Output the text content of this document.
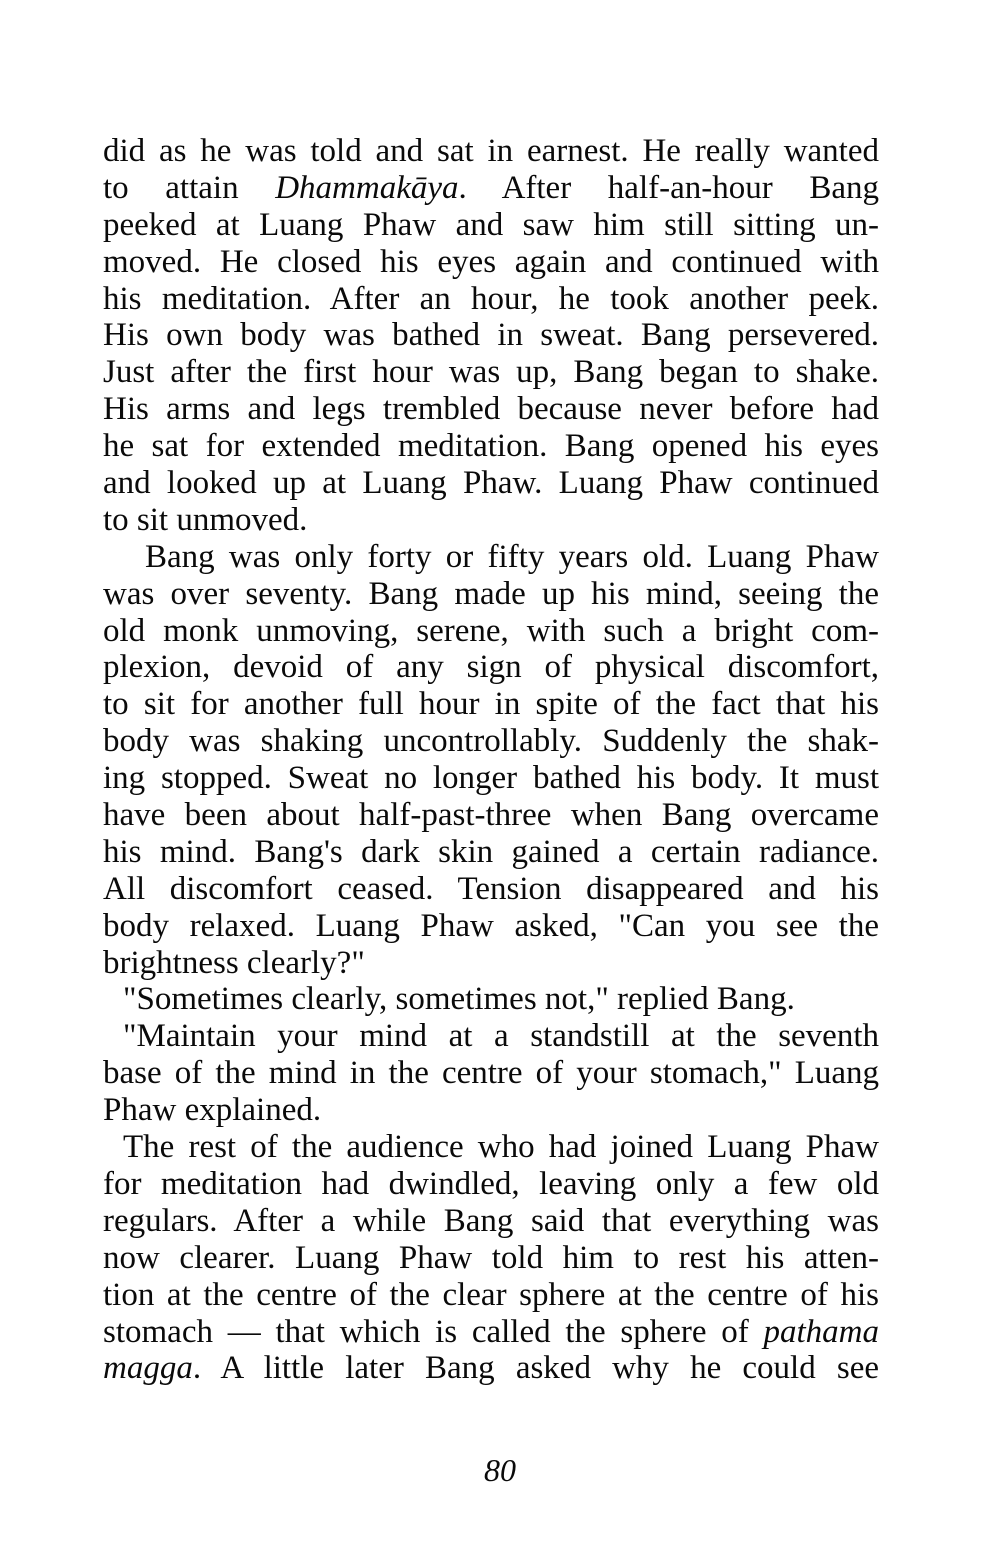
did as he was told and sat in earnest. He really wanted
to attain Dhammakāya. After half-an-hour Bang
peeked at Luang Phaw and saw him still sitting un-
moved. He closed his eyes again and continued with
his meditation. After an hour, he took another peek.
His own body was bathed in sweat. Bang persevered.
Just after the first hour was up, Bang began to shake.
His arms and legs trembled because never before had
he sat for extended meditation. Bang opened his eyes
and looked up at Luang Phaw. Luang Phaw continued
to sit unmoved.
Bang was only forty or fifty years old. Luang Phaw
was over seventy. Bang made up his mind, seeing the
old monk unmoving, serene, with such a bright com-
plexion, devoid of any sign of physical discomfort,
to sit for another full hour in spite of the fact that his
body was shaking uncontrollably. Suddenly the shak-
ing stopped. Sweat no longer bathed his body. It must
have been about half-past-three when Bang overcame
his mind. Bang's dark skin gained a certain radiance.
All discomfort ceased. Tension disappeared and his
body relaxed. Luang Phaw asked, "Can you see the
brightness clearly?"
"Sometimes clearly, sometimes not," replied Bang.
"Maintain your mind at a standstill at the seventh
base of the mind in the centre of your stomach," Luang
Phaw explained.
The rest of the audience who had joined Luang Phaw
for meditation had dwindled, leaving only a few old
regulars. After a while Bang said that everything was
now clearer. Luang Phaw told him to rest his atten-
tion at the centre of the clear sphere at the centre of his
stomach — that which is called the sphere of pathama
magga. A little later Bang asked why he could see
80
